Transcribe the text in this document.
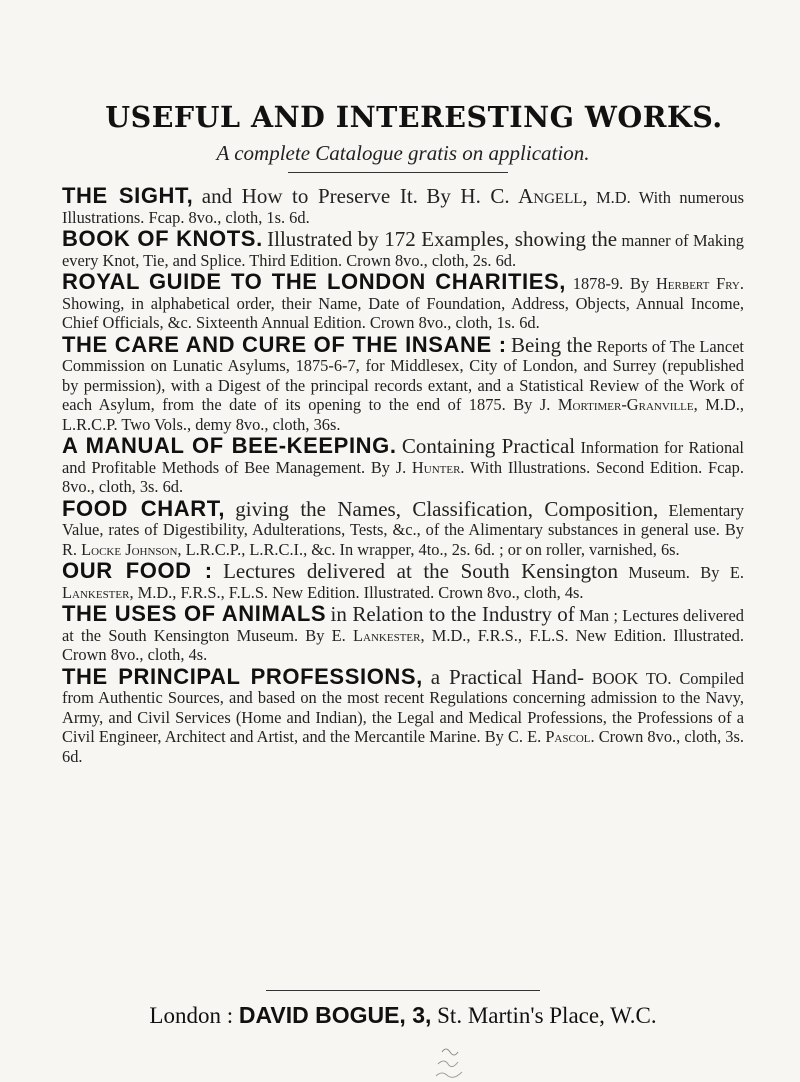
USEFUL AND INTERESTING WORKS.
A complete Catalogue gratis on application.

THE SIGHT, and How to Preserve It. By H. C. Angell, M.D. With numerous Illustrations. Fcap. 8vo., cloth, 1s. 6d.

BOOK OF KNOTS. Illustrated by 172 Examples, showing the manner of Making every Knot, Tie, and Splice. Third Edition. Crown 8vo., cloth, 2s. 6d.

ROYAL GUIDE TO THE LONDON CHARITIES, 1878-9. By Herbert Fry. Showing, in alphabetical order, their Name, Date of Foundation, Address, Objects, Annual Income, Chief Officials, &c. Sixteenth Annual Edition. Crown 8vo., cloth, 1s. 6d.

THE CARE AND CURE OF THE INSANE : Being the Reports of The Lancet Commission on Lunatic Asylums, 1875-6-7, for Middlesex, City of London, and Surrey (republished by permission), with a Digest of the principal records extant, and a Statistical Review of the Work of each Asylum, from the date of its opening to the end of 1875. By J. Mortimer-Granville, M.D., L.R.C.P. Two Vols., demy 8vo., cloth, 36s.

A MANUAL OF BEE-KEEPING. Containing Practical Information for Rational and Profitable Methods of Bee Management. By J. Hunter. With Illustrations. Second Edition. Fcap. 8vo., cloth, 3s. 6d.

FOOD CHART, giving the Names, Classification, Composition, Elementary Value, rates of Digestibility, Adulterations, Tests, &c., of the Alimentary substances in general use. By R. Locke Johnson, L.R.C.P., L.R.C.I., &c. In wrapper, 4to., 2s. 6d. ; or on roller, varnished, 6s.

OUR FOOD : Lectures delivered at the South Kensington Museum. By E. Lankester, M.D., F.R.S., F.L.S. New Edition. Illustrated. Crown 8vo., cloth, 4s.

THE USES OF ANIMALS in Relation to the Industry of Man ; Lectures delivered at the South Kensington Museum. By E. Lankester, M.D., F.R.S., F.L.S. New Edition. Illustrated. Crown 8vo., cloth, 4s.

THE PRINCIPAL PROFESSIONS, a Practical Hand- BOOK TO. Compiled from Authentic Sources, and based on the most recent Regulations concerning admission to the Navy, Army, and Civil Services (Home and Indian), the Legal and Medical Professions, the Professions of a Civil Engineer, Architect and Artist, and the Mercantile Marine. By C. E. Pascol. Crown 8vo., cloth, 3s. 6d.

London : DAVID BOGUE, 3, St. Martin's Place, W.C.
